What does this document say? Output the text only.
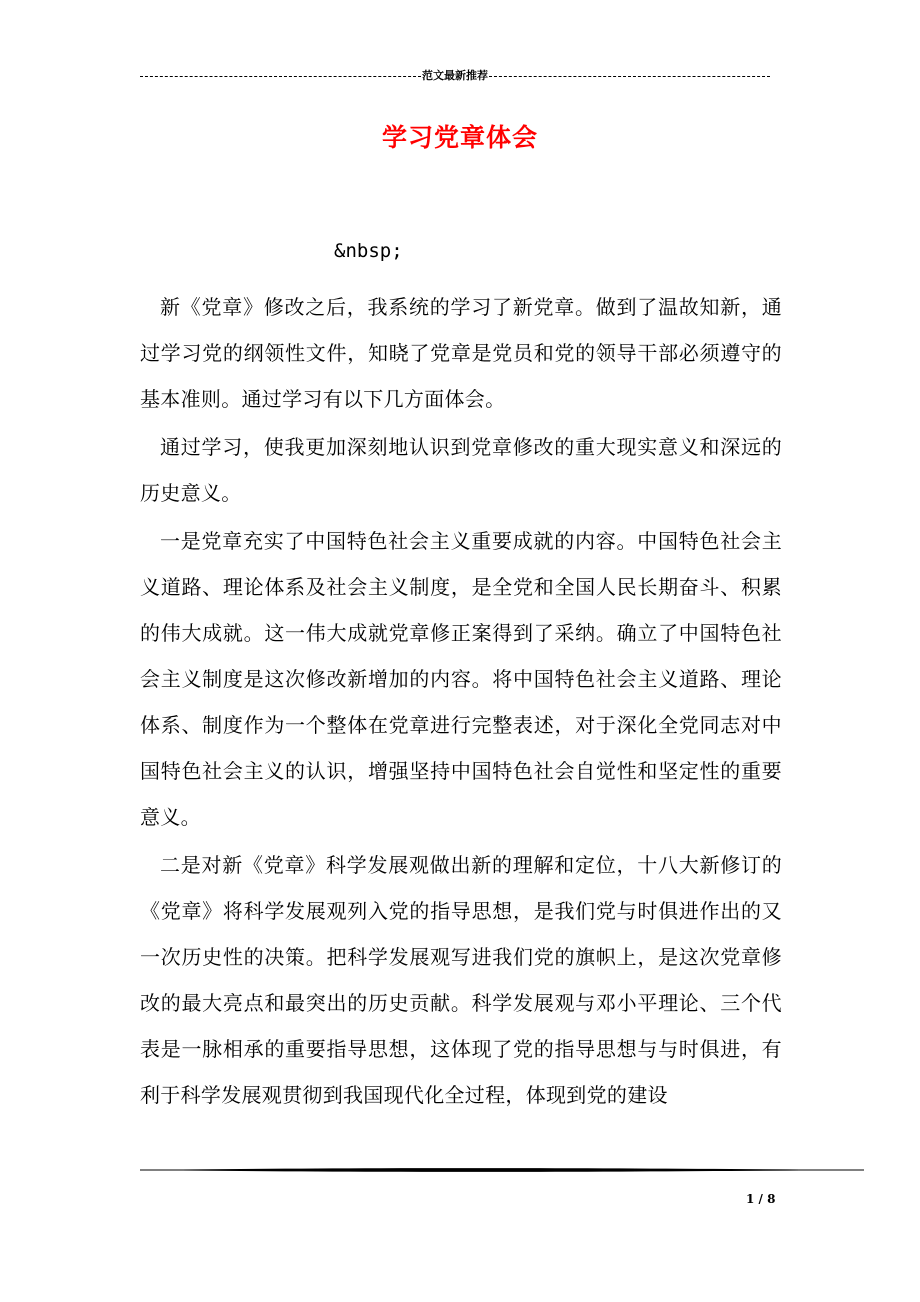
范文最新推荐
学习党章体会
&nbsp;

新《党章》修改之后，我系统的学习了新党章。做到了温故知新，通过学习党的纲领性文件，知晓了党章是党员和党的领导干部必须遵守的基本准则。通过学习有以下几方面体会。

通过学习，使我更加深刻地认识到党章修改的重大现实意义和深远的历史意义。

一是党章充实了中国特色社会主义重要成就的内容。中国特色社会主义道路、理论体系及社会主义制度，是全党和全国人民长期奋斗、积累的伟大成就。这一伟大成就党章修正案得到了采纳。确立了中国特色社会主义制度是这次修改新增加的内容。将中国特色社会主义道路、理论体系、制度作为一个整体在党章进行完整表述，对于深化全党同志对中国特色社会主义的认识，增强坚持中国特色社会自觉性和坚定性的重要意义。

二是对新《党章》科学发展观做出新的理解和定位，十八大新修订的《党章》将科学发展观列入党的指导思想，是我们党与时俱进作出的又一次历史性的决策。把科学发展观写进我们党的旗帜上，是这次党章修改的最大亮点和最突出的历史贡献。科学发展观与邓小平理论、三个代表是一脉相承的重要指导思想，这体现了党的指导思想与与时俱进，有利于科学发展观贯彻到我国现代化全过程，体现到党的建设

1 / 8
